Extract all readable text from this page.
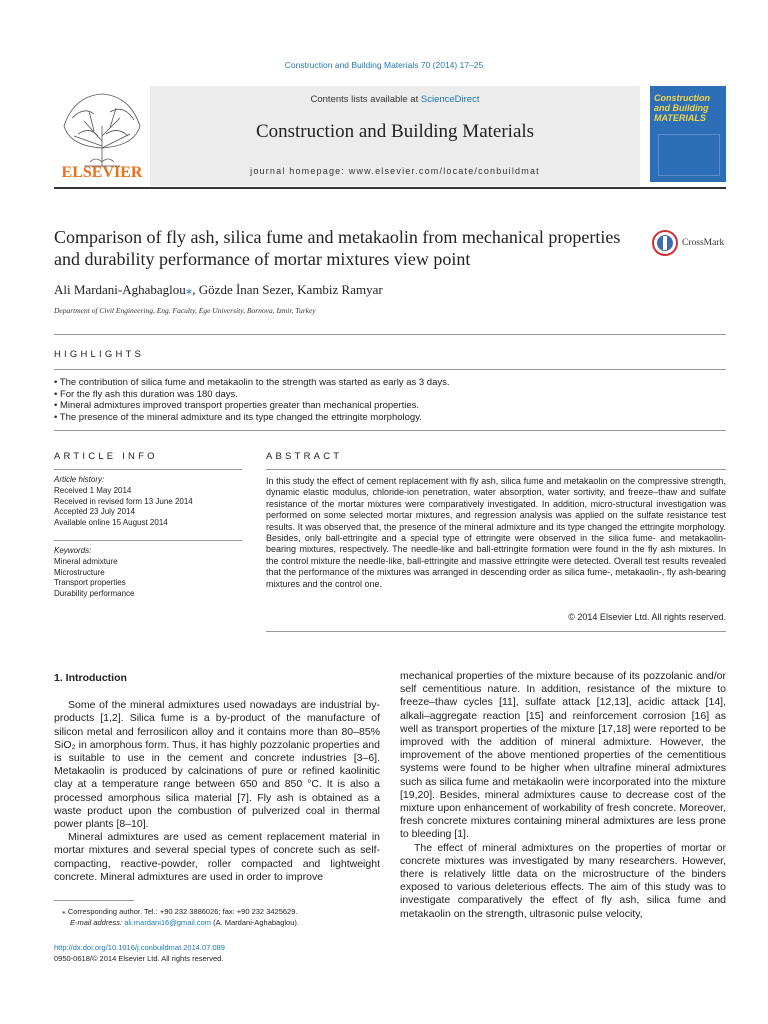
Construction and Building Materials 70 (2014) 17–25
ELSEVIER
Contents lists available at ScienceDirect
Construction and Building Materials
journal homepage: www.elsevier.com/locate/conbuildmat
Construction and Building MATERIALS
Comparison of fly ash, silica fume and metakaolin from mechanical properties and durability performance of mortar mixtures view point
CrossMark
Ali Mardani-Aghabaglou⁎, Gözde İnan Sezer, Kambiz Ramyar
Department of Civil Engineering, Eng. Faculty, Ege University, Bornova, Izmir, Turkey
HIGHLIGHTS
• The contribution of silica fume and metakaolin to the strength was started as early as 3 days.
• For the fly ash this duration was 180 days.
• Mineral admixtures improved transport properties greater than mechanical properties.
• The presence of the mineral admixture and its type changed the ettringite morphology.
ARTICLE INFO
Article history:
Received 1 May 2014
Received in revised form 13 June 2014
Accepted 23 July 2014
Available online 15 August 2014
Keywords:
Mineral admixture
Microstructure
Transport properties
Durability performance
ABSTRACT
In this study the effect of cement replacement with fly ash, silica fume and metakaolin on the compressive strength, dynamic elastic modulus, chloride-ion penetration, water absorption, water sortivity, and freeze–thaw and sulfate resistance of the mortar mixtures were comparatively investigated. In addition, micro-structural investigation was performed on some selected mortar mixtures, and regression analysis was applied on the sulfate resistance test results. It was observed that, the presence of the mineral admixture and its type changed the ettringite morphology. Besides, only ball-ettringite and a special type of ettringite were observed in the silica fume- and metakaolin-bearing mixtures, respectively. The needle-like and ball-ettringite formation were found in the fly ash mixtures. In the control mixture the needle-like, ball-ettringite and massive ettringite were detected. Overall test results revealed that the performance of the mixtures was arranged in descending order as silica fume-, metakaolin-, fly ash-bearing mixtures and the control one.
© 2014 Elsevier Ltd. All rights reserved.

1. Introduction

Some of the mineral admixtures used nowadays are industrial by-products [1,2]. Silica fume is a by-product of the manufacture of silicon metal and ferrosilicon alloy and it contains more than 80–85% SiO₂ in amorphous form. Thus, it has highly pozzolanic properties and is suitable to use in the cement and concrete industries [3–6]. Metakaolin is produced by calcinations of pure or refined kaolinitic clay at a temperature range between 650 and 850 °C. It is also a processed amorphous silica material [7]. Fly ash is obtained as a waste product upon the combustion of pulverized coal in thermal power plants [8–10].

Mineral admixtures are used as cement replacement material in mortar mixtures and several special types of concrete such as self-compacting, reactive-powder, roller compacted and lightweight concrete. Mineral admixtures are used in order to improve

mechanical properties of the mixture because of its pozzolanic and/or self cementitious nature. In addition, resistance of the mixture to freeze–thaw cycles [11], sulfate attack [12,13], acidic attack [14], alkali–aggregate reaction [15] and reinforcement corrosion [16] as well as transport properties of the mixture [17,18] were reported to be improved with the addition of mineral admixture. However, the improvement of the above mentioned properties of the cementitious systems were found to be higher when ultrafine mineral admixtures such as silica fume and metakaolin were incorporated into the mixture [19,20]. Besides, mineral admixtures cause to decrease cost of the mixture upon enhancement of workability of fresh concrete. Moreover, fresh concrete mixtures containing mineral admixtures are less prone to bleeding [1].

The effect of mineral admixtures on the properties of mortar or concrete mixtures was investigated by many researchers. However, there is relatively little data on the microstructure of the binders exposed to various deleterious effects. The aim of this study was to investigate comparatively the effect of fly ash, silica fume and metakaolin on the strength, ultrasonic pulse velocity,

⁎ Corresponding author. Tel.: +90 232 3886026; fax: +90 232 3425629.
E-mail address: ali.mardani16@gmail.com (A. Mardani-Aghabaglou).
http://dx.doi.org/10.1016/j.conbuildmat.2014.07.089
0950-0618/© 2014 Elsevier Ltd. All rights reserved.
